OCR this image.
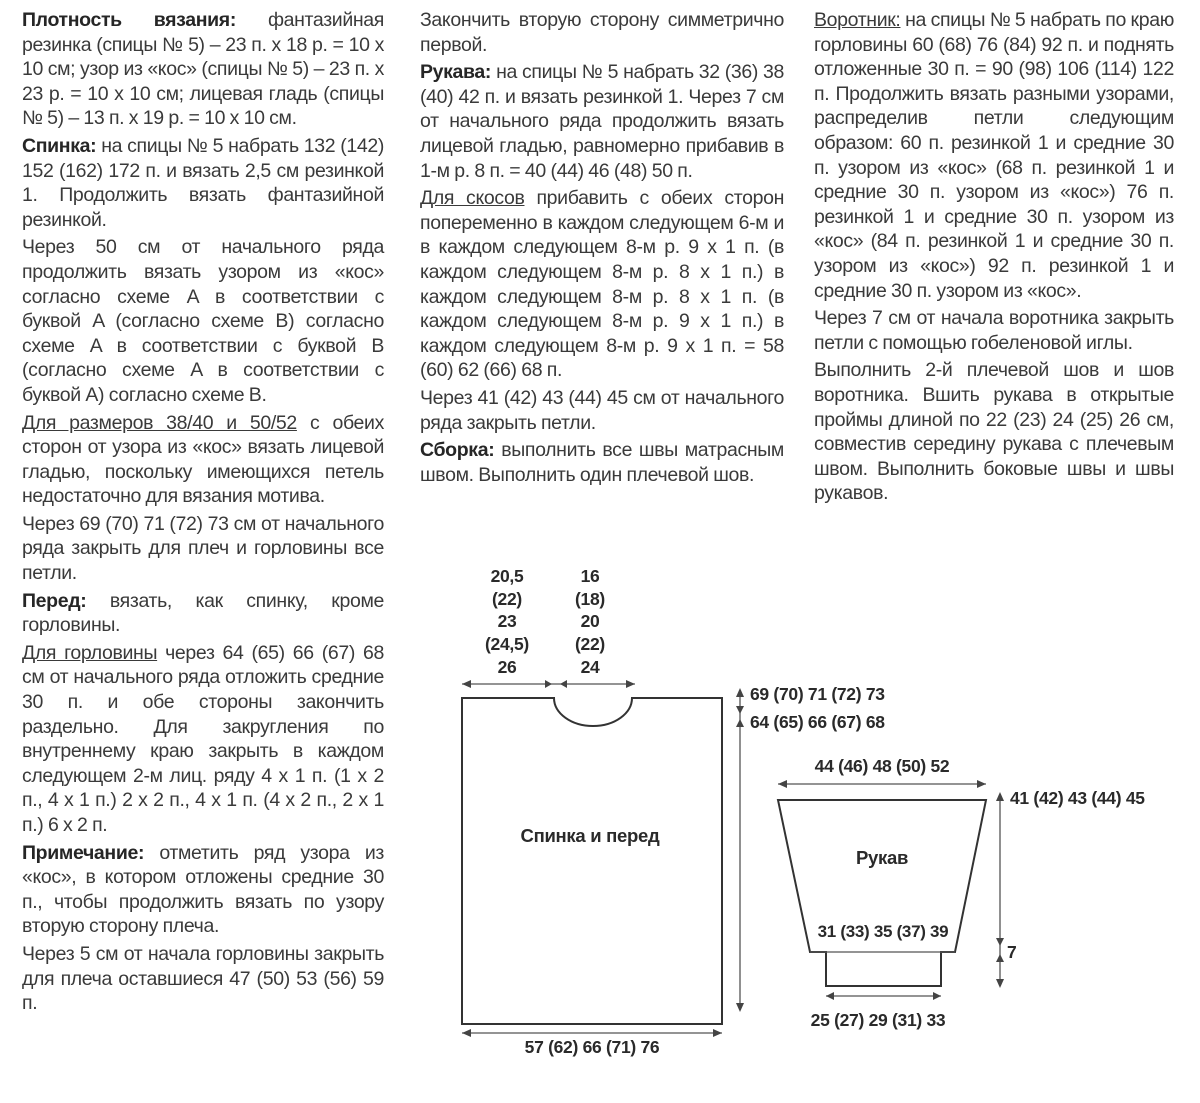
Плотность вязания: фантазийная резинка (спицы № 5) – 23 п. x 18 р. = 10 x 10 см; узор из «кос» (спицы № 5) – 23 п. x 23 р. = 10 x 10 см; лицевая гладь (спицы № 5) – 13 п. x 19 р. = 10 x 10 см.

Спинка: на спицы № 5 набрать 132 (142) 152 (162) 172 п. и вязать 2,5 см резинкой 1. Продолжить вязать фантазийной резинкой.

Через 50 см от начального ряда продолжить вязать узором из «кос» согласно схеме A в соответствии с буквой A (согласно схеме B) согласно схеме A в соответствии с буквой B (согласно схеме A в соответствии с буквой A) согласно схеме B.

Для размеров 38/40 и 50/52 с обеих сторон от узора из «кос» вязать лицевой гладью, поскольку имеющихся петель недостаточно для вязания мотива.

Через 69 (70) 71 (72) 73 см от начального ряда закрыть для плеч и горловины все петли.

Перед: вязать, как спинку, кроме горловины.

Для горловины через 64 (65) 66 (67) 68 см от начального ряда отложить средние 30 п. и обе стороны закончить раздельно. Для закругления по внутреннему краю закрыть в каждом следующем 2-м лиц. ряду 4 x 1 п. (1 x 2 п., 4 x 1 п.) 2 x 2 п., 4 x 1 п. (4 x 2 п., 2 x 1 п.) 6 x 2 п.

Примечание: отметить ряд узора из «кос», в котором отложены средние 30 п., чтобы продолжить вязать по узору вторую сторону плеча.

Через 5 см от начала горловины закрыть для плеча оставшиеся 47 (50) 53 (56) 59 п.

Закончить вторую сторону симметрично первой.

Рукава: на спицы № 5 набрать 32 (36) 38 (40) 42 п. и вязать резинкой 1. Через 7 см от начального ряда продолжить вязать лицевой гладью, равномерно прибавив в 1-м р. 8 п. = 40 (44) 46 (48) 50 п.

Для скосов прибавить с обеих сторон попеременно в каждом следующем 6-м и в каждом следующем 8-м р. 9 x 1 п. (в каждом следующем 8-м р. 8 x 1 п.) в каждом следующем 8-м р. 8 x 1 п. (в каждом следующем 8-м р. 9 x 1 п.) в каждом следующем 8-м р. 9 x 1 п. = 58 (60) 62 (66) 68 п.

Через 41 (42) 43 (44) 45 см от начального ряда закрыть петли.

Сборка: выполнить все швы матрасным швом. Выполнить один плечевой шов.

Воротник: на спицы № 5 набрать по краю горловины 60 (68) 76 (84) 92 п. и поднять отложенные 30 п. = 90 (98) 106 (114) 122 п. Продолжить вязать разными узорами, распределив петли следующим образом: 60 п. резинкой 1 и средние 30 п. узором из «кос» (68 п. резинкой 1 и средние 30 п. узором из «кос») 76 п. резинкой 1 и средние 30 п. узором из «кос» (84 п. резинкой 1 и средние 30 п. узором из «кос») 92 п. резинкой 1 и средние 30 п. узором из «кос».

Через 7 см от начала воротника закрыть петли с помощью гобеленовой иглы.

Выполнить 2-й плечевой шов и шов воротника. Вшить рукава в открытые проймы длиной по 22 (23) 24 (25) 26 см, совместив середину рукава с плечевым швом. Выполнить боковые швы и швы рукавов.

20,5
(22)
23
(24,5)
26
16
(18)
20
(22)
24
Спинка и перед
69 (70) 71 (72) 73
64 (65) 66 (67) 68
57 (62) 66 (71) 76
44 (46) 48 (50) 52
Рукав
31 (33) 35 (37) 39
41 (42) 43 (44) 45
7
25 (27) 29 (31) 33
